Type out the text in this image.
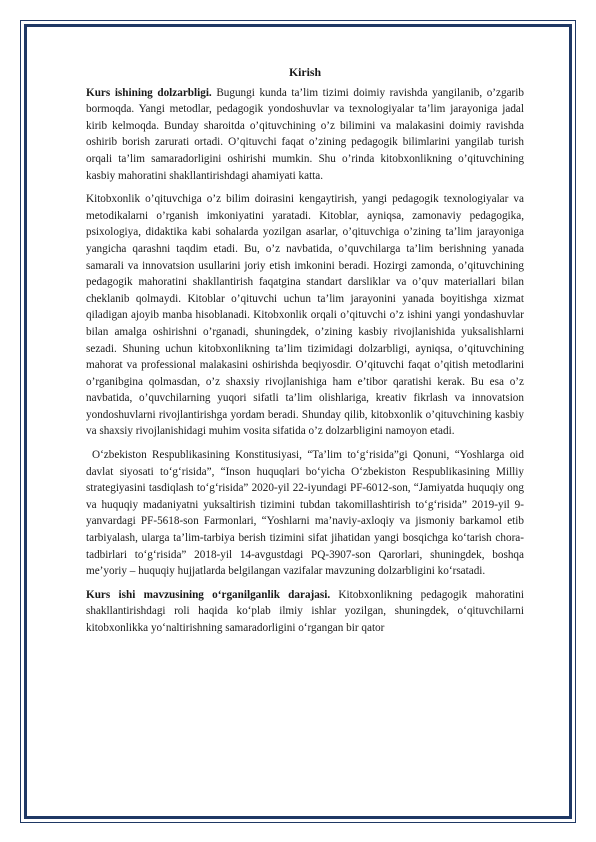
Kirish

Kurs ishining dolzarbligi. Bugungi kunda ta’lim tizimi doimiy ravishda yangilanib, o’zgarib bormoqda. Yangi metodlar, pedagogik yondoshuvlar va texnologiyalar ta’lim jarayoniga jadal kirib kelmoqda. Bunday sharoitda o’qituvchining o’z bilimini va malakasini doimiy ravishda oshirib borish zarurati ortadi. O’qituvchi faqat o’zining pedagogik bilimlarini yangilab turish orqali ta’lim samaradorligini oshirishi mumkin. Shu o’rinda kitobxonlikning o’qituvchining kasbiy mahoratini shakllantirishdagi ahamiyati katta.

Kitobxonlik o’qituvchiga o’z bilim doirasini kengaytirish, yangi pedagogik texnologiyalar va metodikalarni o’rganish imkoniyatini yaratadi. Kitoblar, ayniqsa, zamonaviy pedagogika, psixologiya, didaktika kabi sohalarda yozilgan asarlar, o’qituvchiga o’zining ta’lim jarayoniga yangicha qarashni taqdim etadi. Bu, o’z navbatida, o’quvchilarga ta’lim berishning yanada samarali va innovatsion usullarini joriy etish imkonini beradi. Hozirgi zamonda, o’qituvchining pedagogik mahoratini shakllantirish faqatgina standart darsliklar va o’quv materiallari bilan cheklanib qolmaydi. Kitoblar o’qituvchi uchun ta’lim jarayonini yanada boyitishga xizmat qiladigan ajoyib manba hisoblanadi. Kitobxonlik orqali o’qituvchi o’z ishini yangi yondashuvlar bilan amalga oshirishni o’rganadi, shuningdek, o’zining kasbiy rivojlanishida yuksalishlarni sezadi. Shuning uchun kitobxonlikning ta’lim tizimidagi dolzarbligi, ayniqsa, o’qituvchining mahorat va professional malakasini oshirishda beqiyosdir. O’qituvchi faqat o’qitish metodlarini o’rganibgina qolmasdan, o’z shaxsiy rivojlanishiga ham e’tibor qaratishi kerak. Bu esa o’z navbatida, o’quvchilarning yuqori sifatli ta’lim olishlariga, kreativ fikrlash va innovatsion yondoshuvlarni rivojlantirishga yordam beradi. Shunday qilib, kitobxonlik o’qituvchining kasbiy va shaxsiy rivojlanishidagi muhim vosita sifatida o’z dolzarbligini namoyon etadi.

O‘zbekiston Respublikasining Konstitusiyasi, “Ta’lim to‘g‘risida”gi Qonuni, “Yoshlarga oid davlat siyosati to‘g‘risida”, “Inson huquqlari bo‘yicha O‘zbekiston Respublikasining Milliy strategiyasini tasdiqlash to‘g‘risida” 2020-yil 22-iyundagi PF-6012-son, “Jamiyatda huquqiy ong va huquqiy madaniyatni yuksaltirish tizimini tubdan takomillashtirish to‘g‘risida” 2019-yil 9-yanvardagi PF-5618-son Farmonlari, “Yoshlarni ma’naviy-axloqiy va jismoniy barkamol etib tarbiyalash, ularga ta’lim-tarbiya berish tizimini sifat jihatidan yangi bosqichga ko‘tarish chora-tadbirlari to‘g‘risida” 2018-yil 14-avgustdagi PQ-3907-son Qarorlari, shuningdek, boshqa me’yoriy – huquqiy hujjatlarda belgilangan vazifalar mavzuning dolzarbligini ko‘rsatadi.

Kurs ishi mavzusining o‘rganilganlik darajasi. Kitobxonlikning pedagogik mahoratini shakllantirishdagi roli haqida ko‘plab ilmiy ishlar yozilgan, shuningdek, o‘qituvchilarni kitobxonlikka yo‘naltirishning samaradorligini o‘rgangan bir qator
